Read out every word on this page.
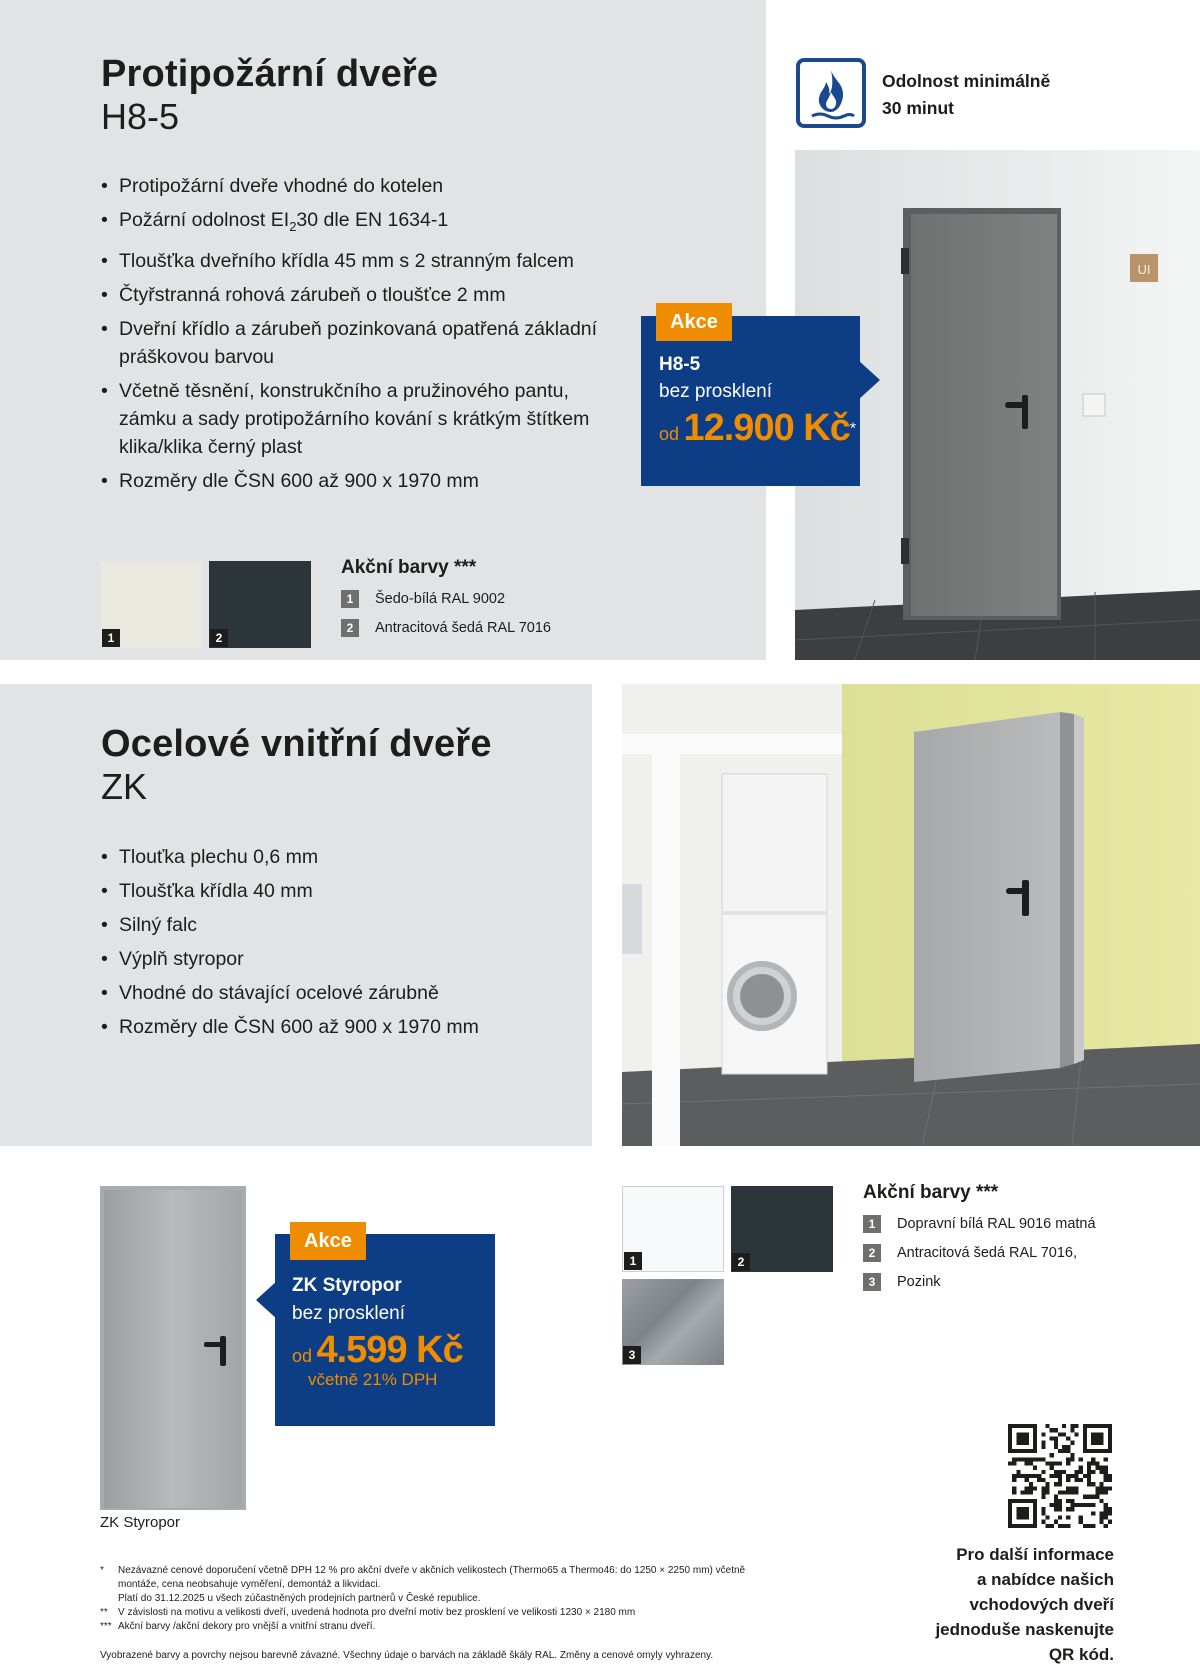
Protipožární dveře
H8-5
• Protipožární dveře vhodné do kotelen
• Požární odolnost $EI_230$ dle EN 1634-1
• Tloušťka dveřního křídla 45 mm s 2 stranným falcem
• Čtyřstranná rohová zárubeň o tloušťce 2 mm
• Dveřní křídlo a zárubeň pozinkovaná opatřená základní práškovou barvou
• Včetně těsnění, konstrukčního a pružinového pantu, zámku a sady protipožárního kování s krátkým štítkem klika/klika černý plast
• Rozměry dle ČSN 600 až 900 x 1970 mm
Odolnost minimálně
30 minut
UI
Akce
H8-5
bez prosklení
od 12.900 Kč*
1	2
Akční barvy ***
1	Šedo-bílá RAL 9002
2	Antracitová šedá RAL 7016
Ocelové vnitřní dveře
ZK
• Tlouťka plechu 0,6 mm
• Tloušťka křídla 40 mm
• Silný falc
• Výplň styropor
• Vhodné do stávající ocelové zárubně
• Rozměry dle ČSN 600 až 900 x 1970 mm
ZK Styropor
Akce
ZK Styropor
bez prosklení
od 4.599 Kč
včetně 21% DPH
1	2
3
Akční barvy ***
1	Dopravní bílá RAL 9016 matná
2	Antracitová šedá RAL 7016,
3	Pozink
Pro další informace
a nabídce našich
vchodových dveří
jednoduše naskenujte
QR kód.
*	Nezávazné cenové doporučení včetně DPH 12 % pro akční dveře v akčních velikostech (Thermo65 a Thermo46: do 1250 × 2250 mm) včetně
montáže, cena neobsahuje vyměření, demontáž a likvidaci.
Platí do 31.12.2025 u všech zúčastněných prodejních partnerů v České republice.
**	V závislosti na motivu a velikosti dveří, uvedená hodnota pro dveřní motiv bez prosklení ve velikosti 1230 × 2180 mm
*** Akční barvy /akční dekory pro vnější a vnitřní stranu dveří.
Vyobrazené barvy a povrchy nejsou barevně závazné. Všechny údaje o barvách na základě škály RAL. Změny a cenové omyly vyhrazeny.
